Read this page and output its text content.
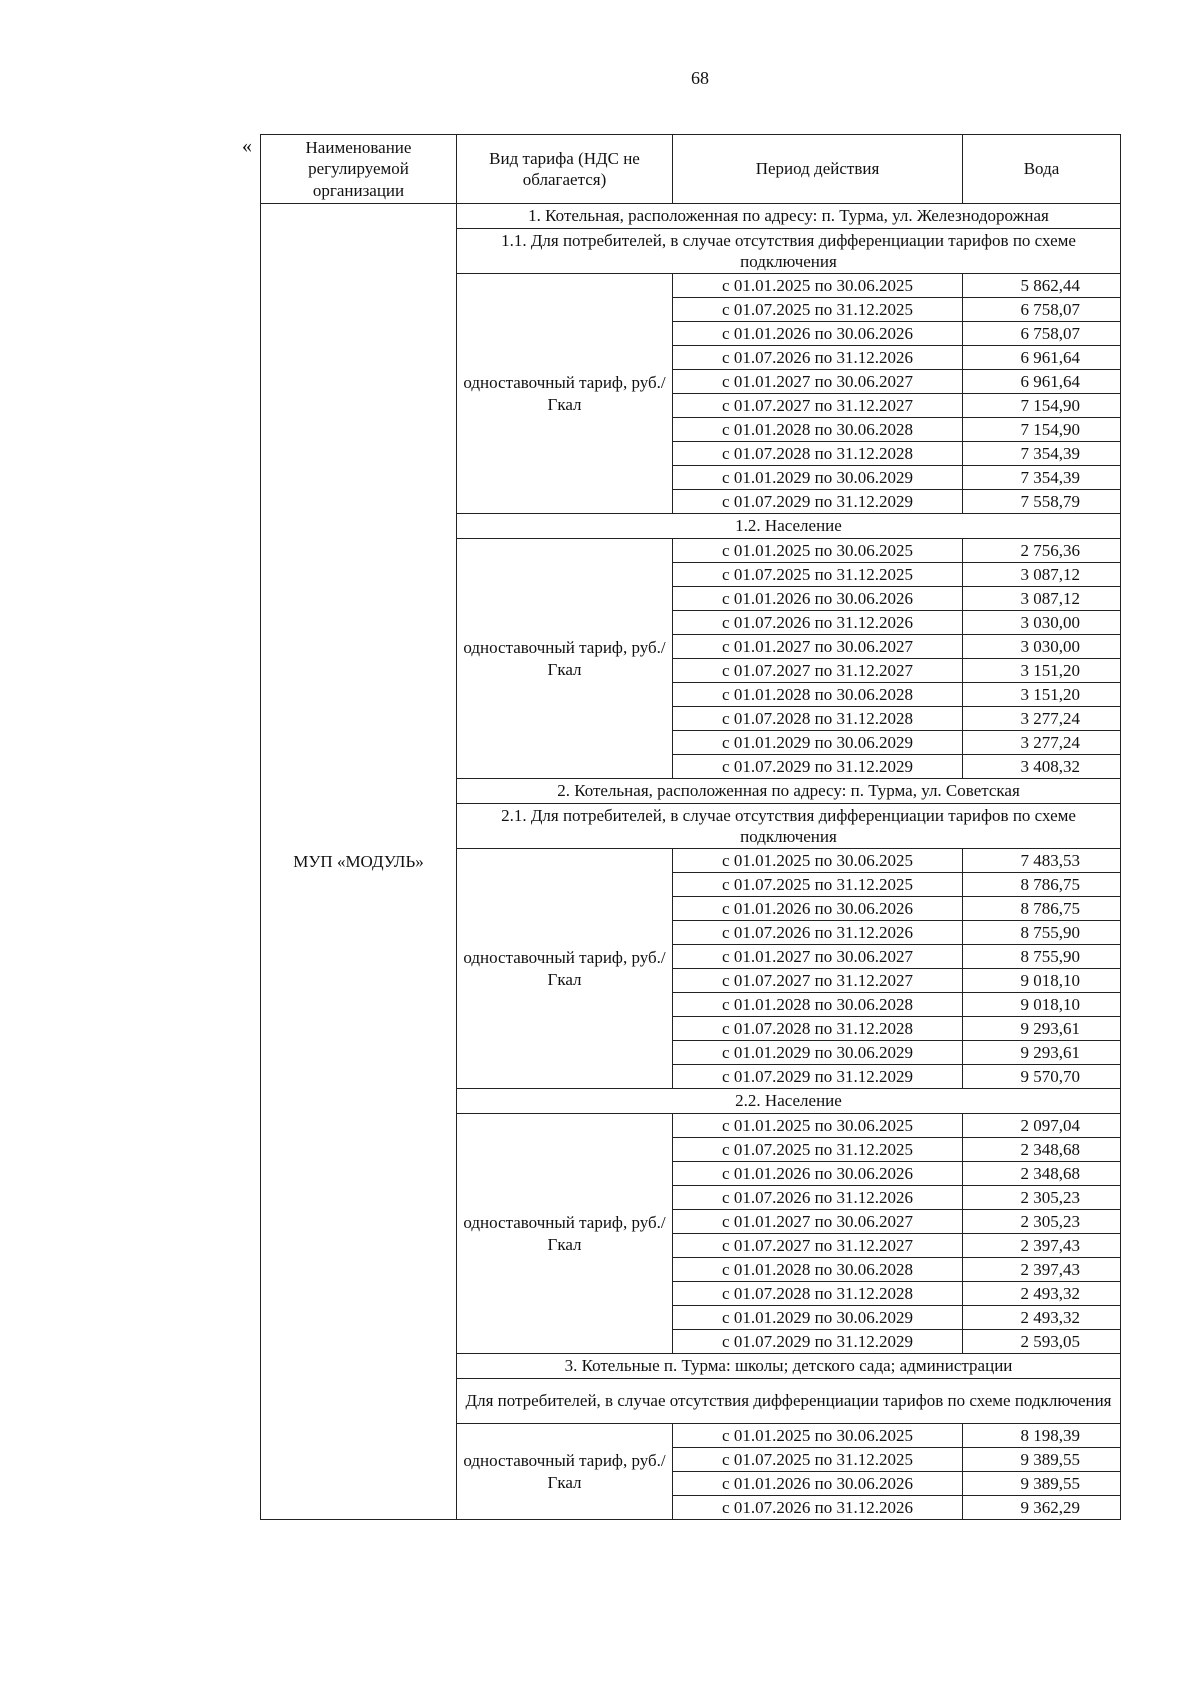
68
«	Наименование регулируемой организации	Вид тарифа (НДС не облагается)	Период действия	Вода
МУП «МОДУЛЬ»	1. Котельная, расположенная по адресу: п. Турма, ул. Железнодорожная		
	1.1. Для потребителей, в случае отсутствия дифференциации тарифов по схеме подключения		
	одноставочный тариф, руб./Гкал	с 01.01.2025 по 30.06.2025	5 862,44
		с 01.07.2025 по 31.12.2025	6 758,07
		с 01.01.2026 по 30.06.2026	6 758,07
		с 01.07.2026 по 31.12.2026	6 961,64
		с 01.01.2027 по 30.06.2027	6 961,64
		с 01.07.2027 по 31.12.2027	7 154,90
		с 01.01.2028 по 30.06.2028	7 154,90
		с 01.07.2028 по 31.12.2028	7 354,39
		с 01.01.2029 по 30.06.2029	7 354,39
		с 01.07.2029 по 31.12.2029	7 558,79
	1.2. Население		
	одноставочный тариф, руб./Гкал	с 01.01.2025 по 30.06.2025	2 756,36
		с 01.07.2025 по 31.12.2025	3 087,12
		с 01.01.2026 по 30.06.2026	3 087,12
		с 01.07.2026 по 31.12.2026	3 030,00
		с 01.01.2027 по 30.06.2027	3 030,00
		с 01.07.2027 по 31.12.2027	3 151,20
		с 01.01.2028 по 30.06.2028	3 151,20
		с 01.07.2028 по 31.12.2028	3 277,24
		с 01.01.2029 по 30.06.2029	3 277,24
		с 01.07.2029 по 31.12.2029	3 408,32
	2. Котельная, расположенная по адресу: п. Турма, ул. Советская		
	2.1. Для потребителей, в случае отсутствия дифференциации тарифов по схеме подключения		
	одноставочный тариф, руб./Гкал	с 01.01.2025 по 30.06.2025	7 483,53
		с 01.07.2025 по 31.12.2025	8 786,75
		с 01.01.2026 по 30.06.2026	8 786,75
		с 01.07.2026 по 31.12.2026	8 755,90
		с 01.01.2027 по 30.06.2027	8 755,90
		с 01.07.2027 по 31.12.2027	9 018,10
		с 01.01.2028 по 30.06.2028	9 018,10
		с 01.07.2028 по 31.12.2028	9 293,61
		с 01.01.2029 по 30.06.2029	9 293,61
		с 01.07.2029 по 31.12.2029	9 570,70
	2.2. Население		
	одноставочный тариф, руб./Гкал	с 01.01.2025 по 30.06.2025	2 097,04
		с 01.07.2025 по 31.12.2025	2 348,68
		с 01.01.2026 по 30.06.2026	2 348,68
		с 01.07.2026 по 31.12.2026	2 305,23
		с 01.01.2027 по 30.06.2027	2 305,23
		с 01.07.2027 по 31.12.2027	2 397,43
		с 01.01.2028 по 30.06.2028	2 397,43
		с 01.07.2028 по 31.12.2028	2 493,32
		с 01.01.2029 по 30.06.2029	2 493,32
		с 01.07.2029 по 31.12.2029	2 593,05
	3. Котельные п. Турма: школы; детского сада; администрации		
	Для потребителей, в случае отсутствия дифференциации тарифов по схеме подключения		
	одноставочный тариф, руб./Гкал	с 01.01.2025 по 30.06.2025	8 198,39
		с 01.07.2025 по 31.12.2025	9 389,55
		с 01.01.2026 по 30.06.2026	9 389,55
		с 01.07.2026 по 31.12.2026	9 362,29
